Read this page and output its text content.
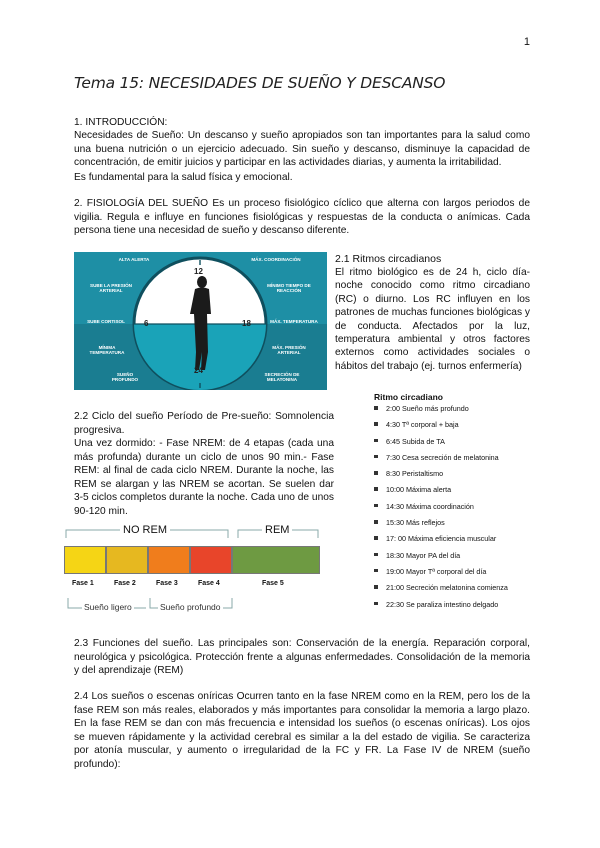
1
Tema 15: NECESIDADES DE SUEÑO Y DESCANSO
1. INTRODUCCIÓN:
Necesidades de Sueño: Un descanso y sueño apropiados son tan importantes para la salud como una buena nutrición o un ejercicio adecuado. Sin sueño y descanso, disminuye la capacidad de concentración, de emitir juicios y participar en las actividades diarias, y aumenta la irritabilidad.
Es fundamental para la salud física y emocional.
2. FISIOLOGÍA DEL SUEÑO Es un proceso fisiológico cíclico que alterna con largos periodos de vigilia. Regula e influye en funciones fisiológicas y respuestas de la conducta o anímicas. Cada persona tiene una necesidad de sueño y descanso diferente.
12
6	18
24
ALTA ALERTA	MÁX. COORDINACIÓN
SUBE LA PRESIÓN ARTERIAL
MÍNIMO TIEMPO DE REACCIÓN
SUBE CORTISOL	MÁX. TEMPERATURA
MÍNIMA TEMPERATURA
MÁX. PRESIÓN ARTERIAL
SUEÑO PROFUNDO
SECRECIÓN DE MELATONINA
2.1 Ritmos circadianos
El ritmo biológico es de 24 h, ciclo día-noche conocido como ritmo circadiano (RC) o diurno. Los RC influyen en los patrones de muchas funciones biológicas y de conducta. Afectados por la luz, temperatura ambiental y otros factores externos como actividades sociales o hábitos del trabajo (ej. turnos enfermería)
Ritmo circadiano
2:00 Sueño más profundo
4:30 Tª corporal + baja
6:45 Subida de TA
7:30 Cesa secreción de melatonina
8:30 Peristaltismo
10:00 Máxima alerta
14:30 Máxima coordinación
15:30 Más reflejos
17: 00 Máxima eficiencia muscular
18:30 Mayor PA del día
19:00 Mayor Tª corporal del día
21:00 Secreción melatonina comienza
22:30 Se paraliza intestino delgado
2.2 Ciclo del sueño Período de Pre-sueño: Somnolencia progresiva.
Una vez dormido: - Fase NREM: de 4 etapas (cada una más profunda) durante un ciclo de unos 90 min.- Fase REM: al final de cada ciclo NREM. Durante la noche, las REM se alargan y las NREM se acortan. Se suelen dar 3-5 ciclos completos durante la noche. Cada uno de unos 90-120 min.
NO REM	REM
Fase 1	Fase 2	Fase 3	Fase 4	Fase 5
Sueño ligero	Sueño profundo
2.3 Funciones del sueño. Las principales son: Conservación de la energía. Reparación corporal, neurológica y psicológica. Protección frente a algunas enfermedades. Consolidación de la memoria y del aprendizaje (REM)
2.4 Los sueños o escenas oníricas Ocurren tanto en la fase NREM como en la REM, pero los de la fase REM son más reales, elaborados y más importantes para consolidar la memoria a largo plazo. En la fase REM se dan con más frecuencia e intensidad los sueños (o escenas oníricas). Los ojos se mueven rápidamente y la actividad cerebral es similar a la del estado de vigilia. Se caracteriza por atonía muscular, y aumento o irregularidad de la FC y FR. La Fase IV de NREM (sueño profundo):
